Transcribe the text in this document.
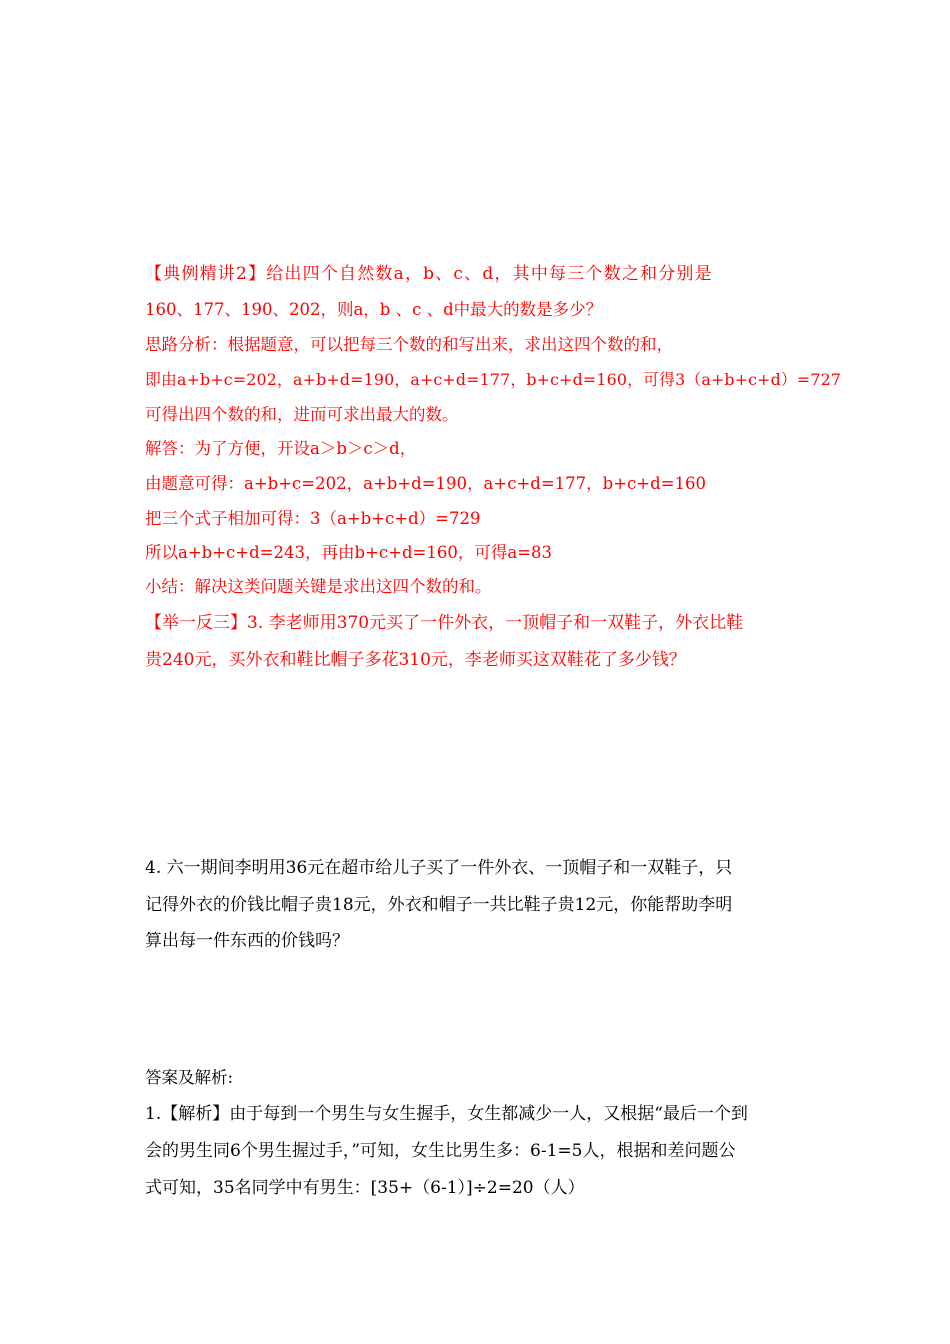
【典例精讲2】给出四个自然数a，b、c、d，其中每三个数之和分别是
160、177、190、202，则a，b 、c 、d中最大的数是多少？
思路分析：根据题意，可以把每三个数的和写出来，求出这四个数的和，
即由a+b+c=202，a+b+d=190，a+c+d=177，b+c+d=160，可得3（a+b+c+d）=727
可得出四个数的和，进而可求出最大的数。
解答：为了方便，开设a＞b＞c＞d，
由题意可得：a+b+c=202，a+b+d=190，a+c+d=177，b+c+d=160
把三个式子相加可得：3（a+b+c+d）=729
所以a+b+c+d=243，再由b+c+d=160，可得a=83
小结：解决这类问题关键是求出这四个数的和。
【举一反三】3. 李老师用370元买了一件外衣，一顶帽子和一双鞋子，外衣比鞋
贵240元，买外衣和鞋比帽子多花310元，李老师买这双鞋花了多少钱？
4. 六一期间李明用36元在超市给儿子买了一件外衣、一顶帽子和一双鞋子，只
记得外衣的价钱比帽子贵18元，外衣和帽子一共比鞋子贵12元，你能帮助李明
算出每一件东西的价钱吗？
答案及解析:
1.【解析】由于每到一个男生与女生握手，女生都减少一人，又根据“最后一个到
会的男生同6个男生握过手，”可知，女生比男生多：6-1=5人，根据和差问题公
式可知，35名同学中有男生：[35+（6-1）]÷2=20（人）
